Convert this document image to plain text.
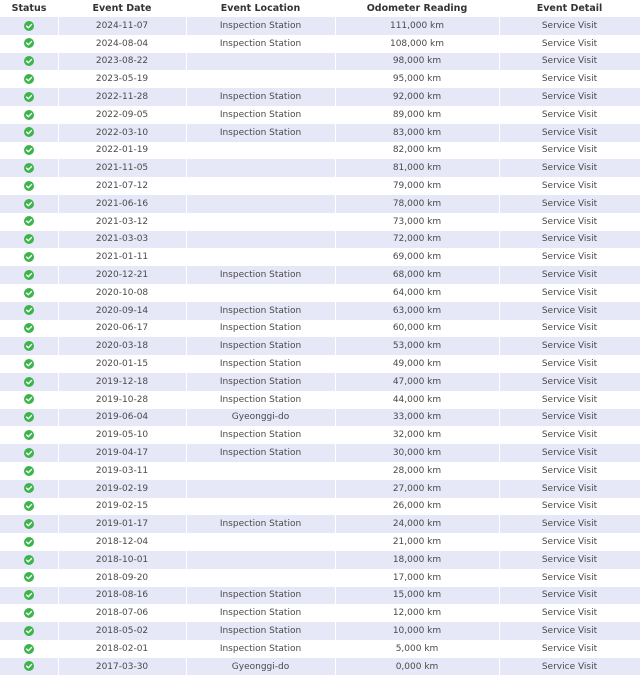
Status	Event Date	Event Location	Odometer Reading	Event Detail

	2024-11-07	Inspection Station	111,000 km	Service Visit

	2024-08-04	Inspection Station	108,000 km	Service Visit

	2023-08-22		98,000 km	Service Visit

	2023-05-19		95,000 km	Service Visit

	2022-11-28	Inspection Station	92,000 km	Service Visit

	2022-09-05	Inspection Station	89,000 km	Service Visit

	2022-03-10	Inspection Station	83,000 km	Service Visit

	2022-01-19		82,000 km	Service Visit

	2021-11-05		81,000 km	Service Visit

	2021-07-12		79,000 km	Service Visit

	2021-06-16		78,000 km	Service Visit

	2021-03-12		73,000 km	Service Visit

	2021-03-03		72,000 km	Service Visit

	2021-01-11		69,000 km	Service Visit

	2020-12-21	Inspection Station	68,000 km	Service Visit

	2020-10-08		64,000 km	Service Visit

	2020-09-14	Inspection Station	63,000 km	Service Visit

	2020-06-17	Inspection Station	60,000 km	Service Visit

	2020-03-18	Inspection Station	53,000 km	Service Visit

	2020-01-15	Inspection Station	49,000 km	Service Visit

	2019-12-18	Inspection Station	47,000 km	Service Visit

	2019-10-28	Inspection Station	44,000 km	Service Visit

	2019-06-04	Gyeonggi-do	33,000 km	Service Visit

	2019-05-10	Inspection Station	32,000 km	Service Visit

	2019-04-17	Inspection Station	30,000 km	Service Visit

	2019-03-11		28,000 km	Service Visit

	2019-02-19		27,000 km	Service Visit

	2019-02-15		26,000 km	Service Visit

	2019-01-17	Inspection Station	24,000 km	Service Visit

	2018-12-04		21,000 km	Service Visit

	2018-10-01		18,000 km	Service Visit

	2018-09-20		17,000 km	Service Visit

	2018-08-16	Inspection Station	15,000 km	Service Visit

	2018-07-06	Inspection Station	12,000 km	Service Visit

	2018-05-02	Inspection Station	10,000 km	Service Visit

	2018-02-01	Inspection Station	5,000 km	Service Visit

	2017-03-30	Gyeonggi-do	0,000 km	Service Visit
